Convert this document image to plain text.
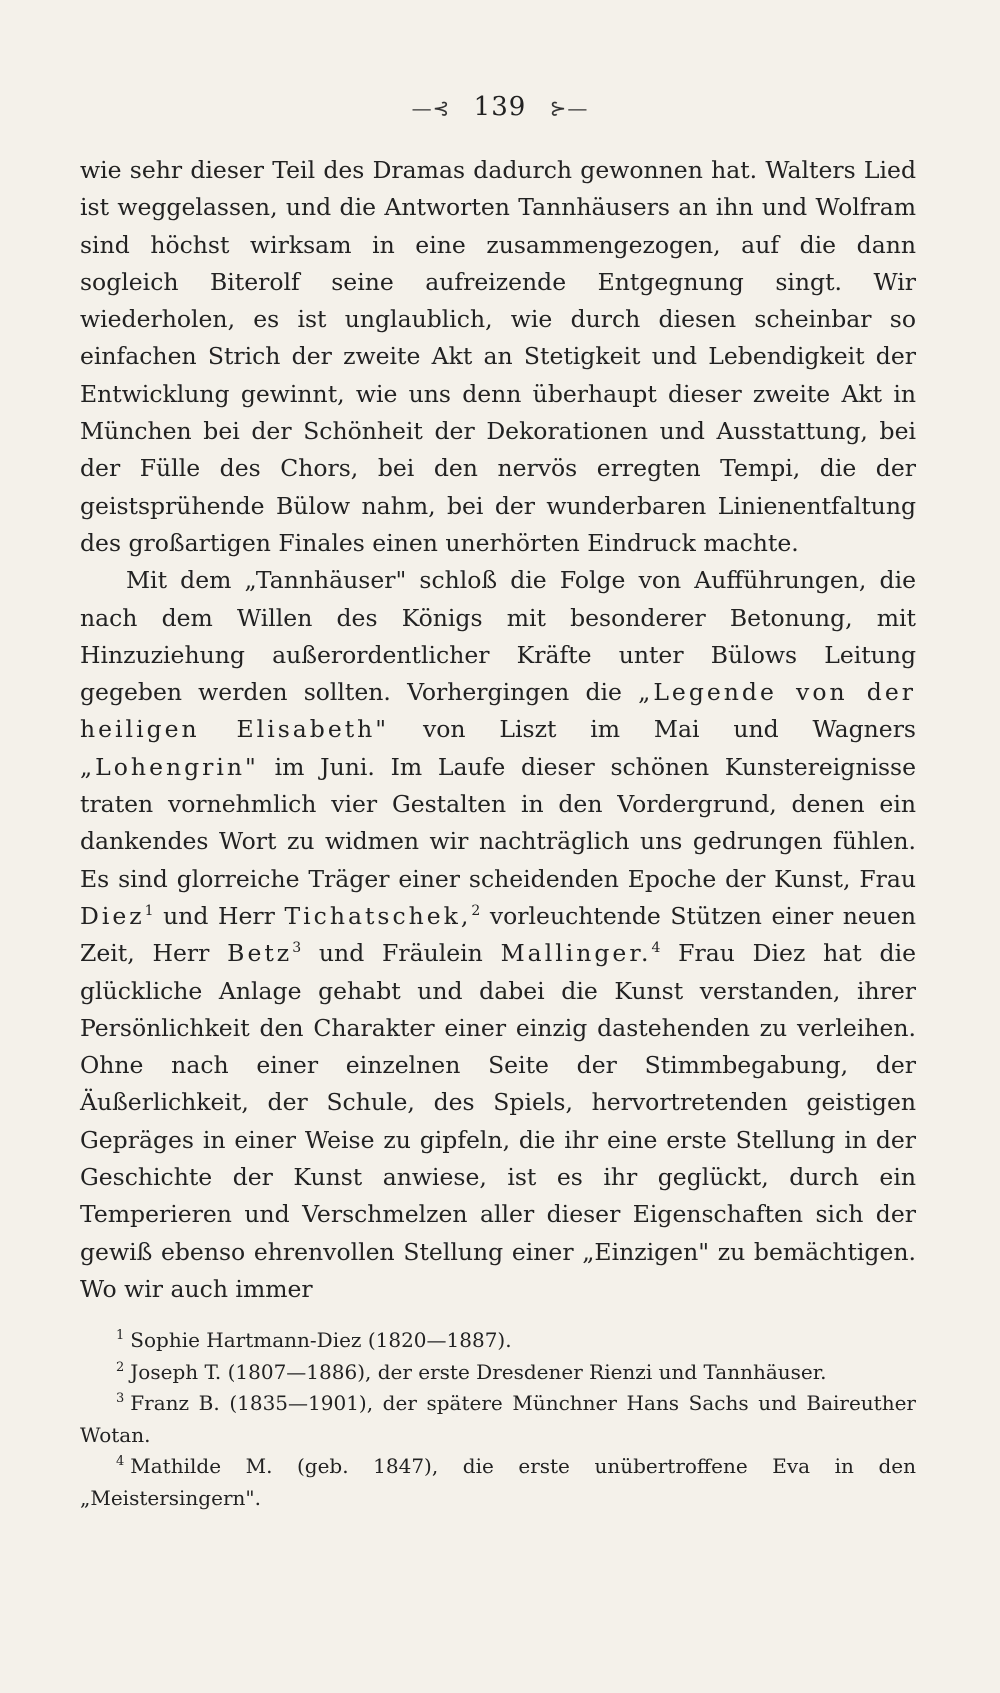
—⊰ 139 ⊱—

wie sehr dieser Teil des Dramas dadurch gewonnen hat. Walters Lied ist weggelassen, und die Antworten Tannhäusers an ihn und Wolfram sind höchst wirksam in eine zusammengezogen, auf die dann sogleich Biterolf seine aufreizende Entgegnung singt. Wir wiederholen, es ist unglaublich, wie durch diesen scheinbar so einfachen Strich der zweite Akt an Stetigkeit und Lebendigkeit der Entwicklung gewinnt, wie uns denn überhaupt dieser zweite Akt in München bei der Schönheit der Dekorationen und Ausstattung, bei der Fülle des Chors, bei den nervös erregten Tempi, die der geistsprühende Bülow nahm, bei der wunderbaren Linienentfaltung des großartigen Finales einen unerhörten Eindruck machte.

Mit dem „Tannhäuser" schloß die Folge von Aufführungen, die nach dem Willen des Königs mit besonderer Betonung, mit Hinzuziehung außerordentlicher Kräfte unter Bülows Leitung gegeben werden sollten. Vorhergingen die „Legende von der heiligen Elisabeth" von Liszt im Mai und Wagners „Lohengrin" im Juni. Im Laufe dieser schönen Kunstereignisse traten vornehmlich vier Gestalten in den Vordergrund, denen ein dankendes Wort zu widmen wir nachträglich uns gedrungen fühlen. Es sind glorreiche Träger einer scheidenden Epoche der Kunst, Frau Diez$^1$ und Herr Tichatschek,$^2$ vorleuchtende Stützen einer neuen Zeit, Herr Betz$^3$ und Fräulein Mallinger.$^4$ Frau Diez hat die glückliche Anlage gehabt und dabei die Kunst verstanden, ihrer Persönlichkeit den Charakter einer einzig dastehenden zu verleihen. Ohne nach einer einzelnen Seite der Stimmbegabung, der Äußerlichkeit, der Schule, des Spiels, hervortretenden geistigen Gepräges in einer Weise zu gipfeln, die ihr eine erste Stellung in der Geschichte der Kunst anwiese, ist es ihr geglückt, durch ein Temperieren und Verschmelzen aller dieser Eigenschaften sich der gewiß ebenso ehrenvollen Stellung einer „Einzigen" zu bemächtigen. Wo wir auch immer

$^1$ Sophie Hartmann-Diez (1820—1887).

$^2$ Joseph T. (1807—1886), der erste Dresdener Rienzi und Tannhäuser.

$^3$ Franz B. (1835—1901), der spätere Münchner Hans Sachs und Baireuther Wotan.

$^4$ Mathilde M. (geb. 1847), die erste unübertroffene Eva in den „Meistersingern".
